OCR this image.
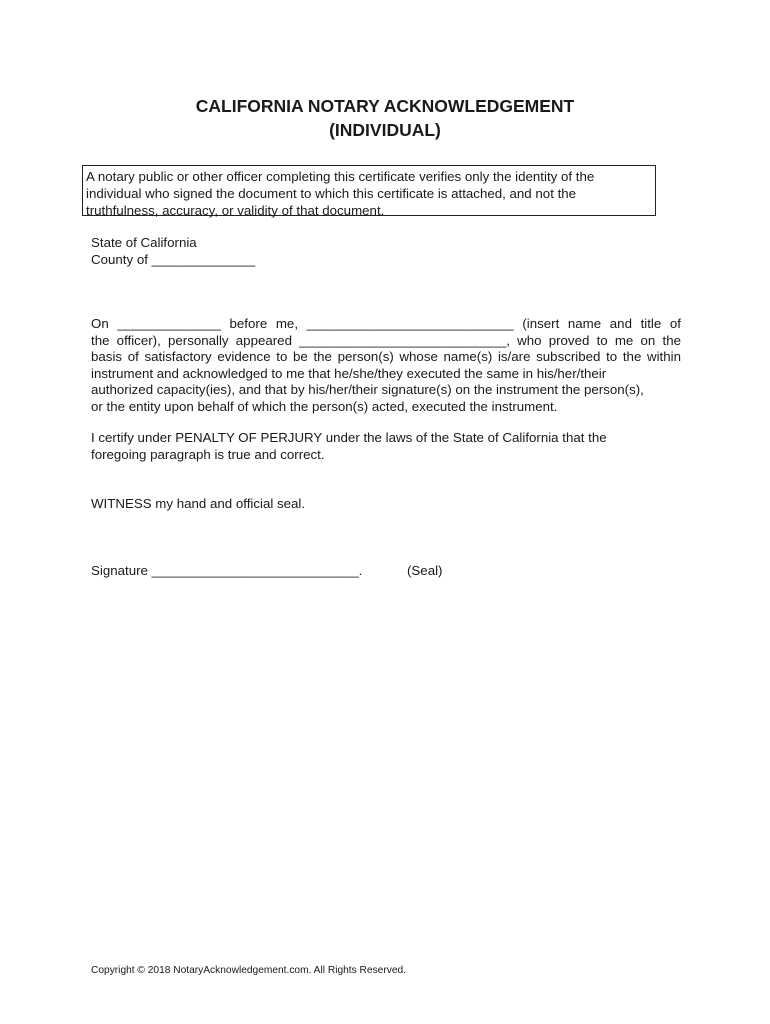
CALIFORNIA NOTARY ACKNOWLEDGEMENT
(INDIVIDUAL)
A notary public or other officer completing this certificate verifies only the identity of the
individual who signed the document to which this certificate is attached, and not the
truthfulness, accuracy, or validity of that document.
State of California
County of ______________
On ______________ before me, ____________________________ (insert name and title of
the officer), personally appeared ____________________________, who proved to me on the
basis of satisfactory evidence to be the person(s) whose name(s) is/are subscribed to the within
instrument and acknowledged to me that he/she/they executed the same in his/her/their
authorized capacity(ies), and that by his/her/their signature(s) on the instrument the person(s),
or the entity upon behalf of which the person(s) acted, executed the instrument.
I certify under PENALTY OF PERJURY under the laws of the State of California that the
foregoing paragraph is true and correct.
WITNESS my hand and official seal.
Signature ____________________________.	(Seal)
Copyright © 2018 NotaryAcknowledgement.com. All Rights Reserved.
